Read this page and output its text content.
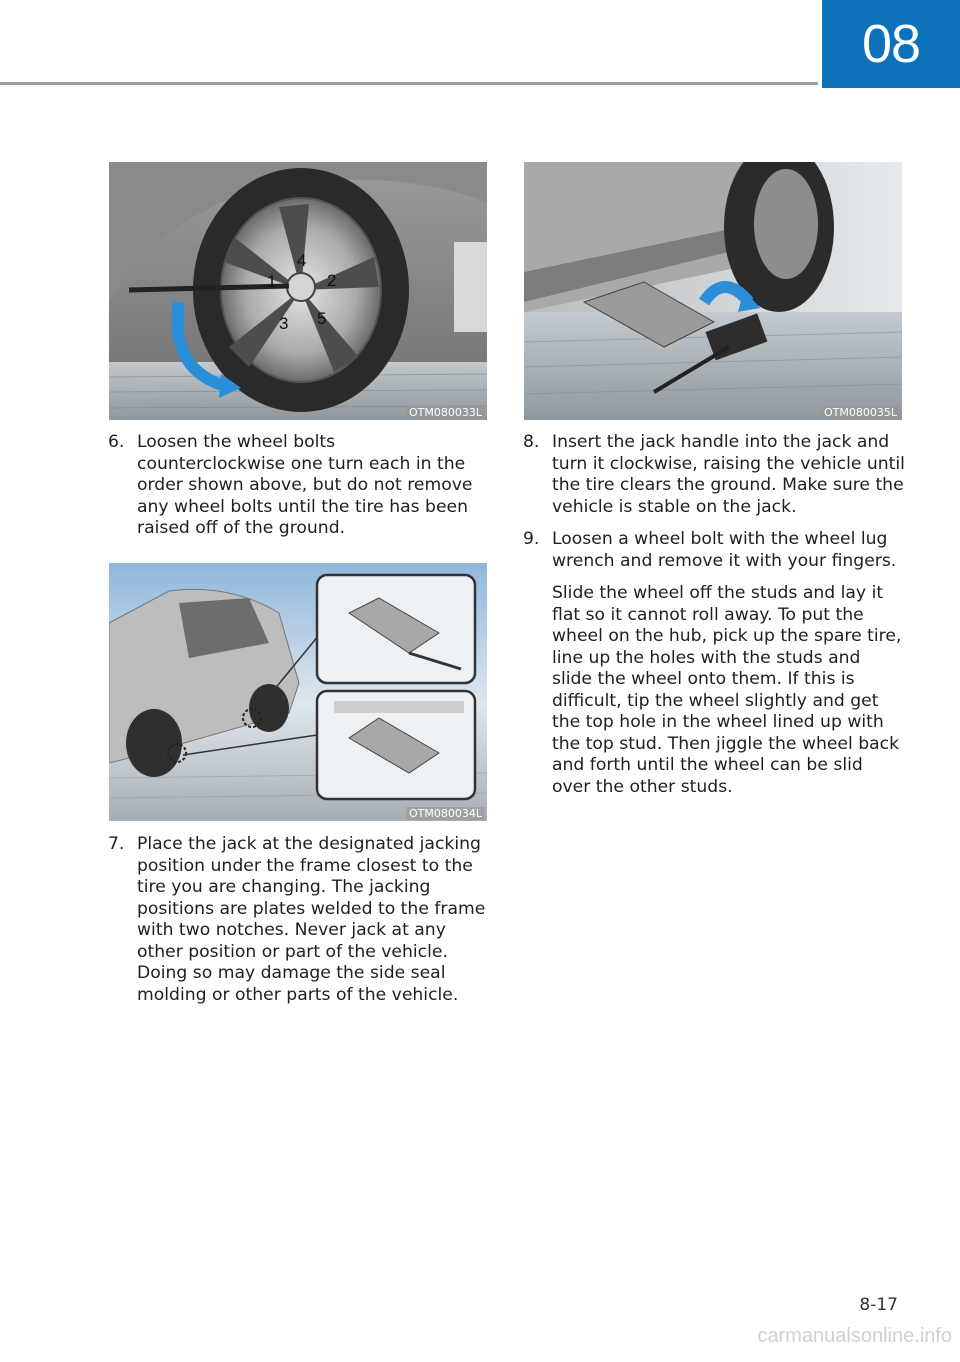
08
1	2
3
4
5
OTM080033L
OTM080034L
OTM080035L
6. Loosen the wheel bolts counterclockwise one turn each in the order shown above, but do not remove any wheel bolts until the tire has been raised off of the ground.

7. Place the jack at the designated jacking position under the frame closest to the tire you are changing. The jacking positions are plates welded to the frame with two notches. Never jack at any other position or part of the vehicle. Doing so may damage the side seal molding or other parts of the vehicle.

8. Insert the jack handle into the jack and turn it clockwise, raising the vehicle until the tire clears the ground. Make sure the vehicle is stable on the jack.

9. Loosen a wheel bolt with the wheel lug wrench and remove it with your fingers.

Slide the wheel off the studs and lay it flat so it cannot roll away. To put the wheel on the hub, pick up the spare tire, line up the holes with the studs and slide the wheel onto them. If this is difficult, tip the wheel slightly and get the top hole in the wheel lined up with the top stud. Then jiggle the wheel back and forth until the wheel can be slid over the other studs.

8-17
carmanualsonline.info
